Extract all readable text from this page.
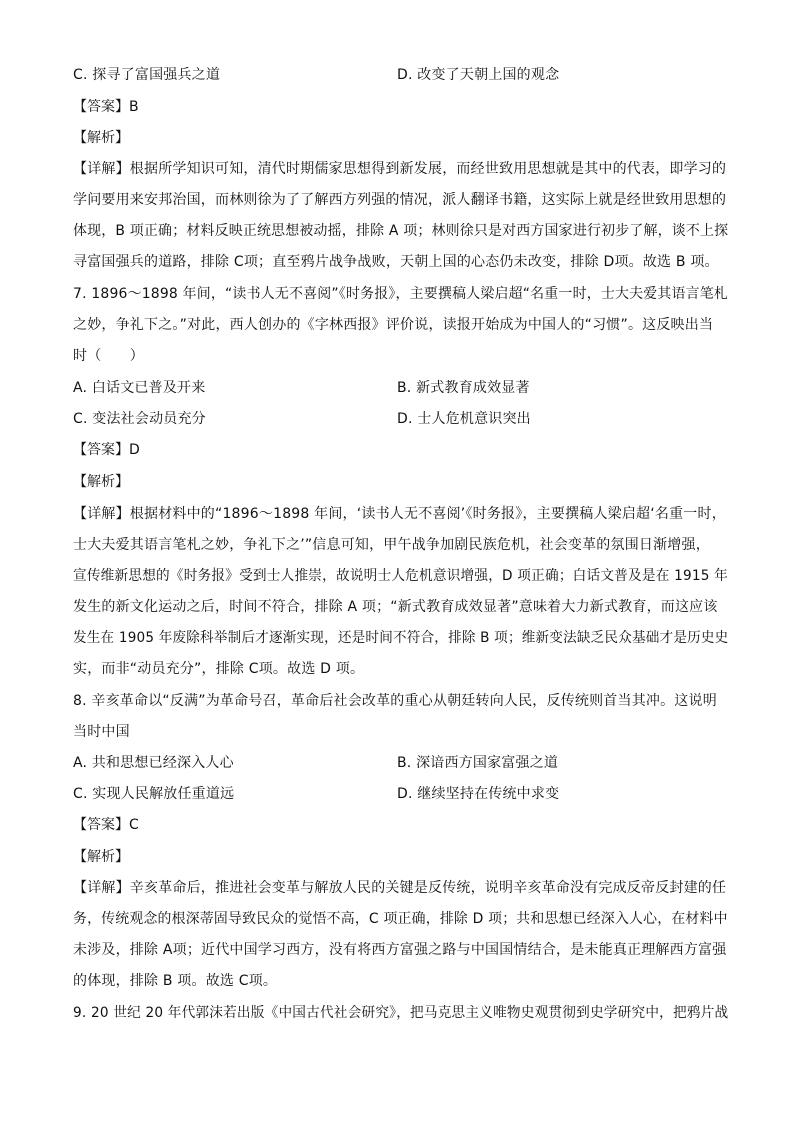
C. 探寻了富国强兵之道	D. 改变了天朝上国的观念
【答案】B
【解析】
【详解】根据所学知识可知，清代时期儒家思想得到新发展，而经世致用思想就是其中的代表，即学习的
学问要用来安邦治国，而林则徐为了了解西方列强的情况，派人翻译书籍，这实际上就是经世致用思想的
体现，B 项正确；材料反映正统思想被动摇，排除 A 项；林则徐只是对西方国家进行初步了解，谈不上探
寻富国强兵的道路，排除 C项；直至鸦片战争战败，天朝上国的心态仍未改变，排除 D项。故选 B 项。
7. 1896～1898 年间，“读书人无不喜阅”《时务报》，主要撰稿人梁启超“名重一时，士大夫爱其语言笔札
之妙，争礼下之。”对此，西人创办的《字林西报》评价说，读报开始成为中国人的“习惯”。这反映出当
时（　　）
A. 白话文已普及开来	B. 新式教育成效显著
C. 变法社会动员充分	D. 士人危机意识突出
【答案】D
【解析】
【详解】根据材料中的“1896～1898 年间，‘读书人无不喜阅’《时务报》，主要撰稿人梁启超‘名重一时，
士大夫爱其语言笔札之妙，争礼下之’”信息可知，甲午战争加剧民族危机，社会变革的氛围日渐增强，
宣传维新思想的《时务报》受到士人推崇，故说明士人危机意识增强，D 项正确；白话文普及是在 1915 年
发生的新文化运动之后，时间不符合，排除 A 项；“新式教育成效显著”意味着大力新式教育，而这应该
发生在 1905 年废除科举制后才逐渐实现，还是时间不符合，排除 B 项；维新变法缺乏民众基础才是历史史
实，而非“动员充分”，排除 C项。故选 D 项。
8. 辛亥革命以“反满”为革命号召，革命后社会改革的重心从朝廷转向人民，反传统则首当其冲。这说明
当时中国
A. 共和思想已经深入人心	B. 深谙西方国家富强之道
C. 实现人民解放任重道远	D. 继续坚持在传统中求变
【答案】C
【解析】
【详解】辛亥革命后，推进社会变革与解放人民的关键是反传统，说明辛亥革命没有完成反帝反封建的任
务，传统观念的根深蒂固导致民众的觉悟不高，C 项正确，排除 D 项；共和思想已经深入人心，在材料中
未涉及，排除 A项；近代中国学习西方，没有将西方富强之路与中国国情结合，是未能真正理解西方富强
的体现，排除 B 项。故选 C项。
9. 20 世纪 20 年代郭沫若出版《中国古代社会研究》，把马克思主义唯物史观贯彻到史学研究中，把鸦片战
